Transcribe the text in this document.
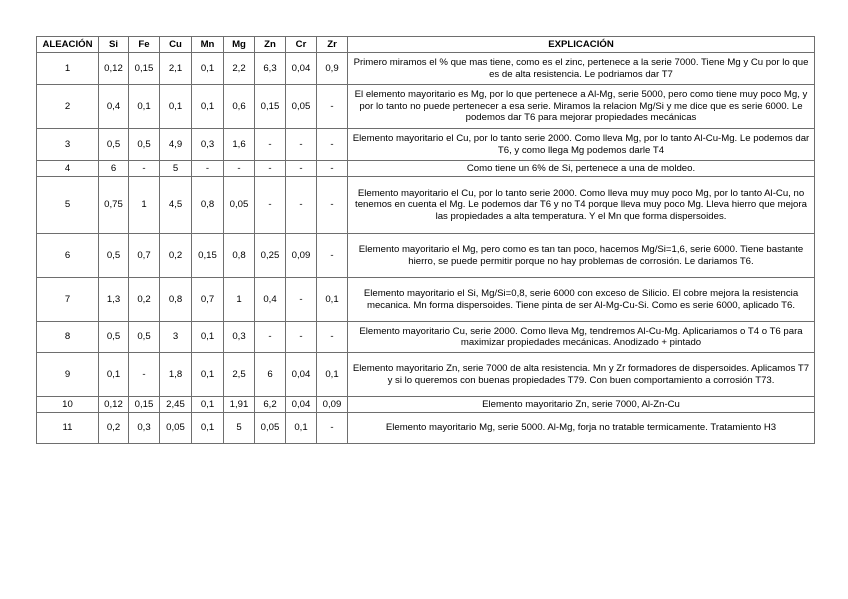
ALEACIÓN	Si	Fe	Cu	Mn	Mg	Zn	Cr	Zr	EXPLICACIÓN
1	0,12	0,15	2,1	0,1	2,2	6,3	0,04	0,9	Primero miramos el % que mas tiene, como es el zinc, pertenece a la serie 7000. Tiene Mg y Cu por lo que es de alta resistencia. Le podriamos dar T7
2	0,4	0,1	0,1	0,1	0,6	0,15	0,05	-	El elemento mayoritario es Mg, por lo que pertenece a Al-Mg, serie 5000, pero como tiene muy poco Mg, y por lo tanto no puede pertenecer a esa serie. Miramos la relacion Mg/Si y me dice que es serie 6000. Le podemos dar T6 para mejorar propiedades mecánicas
3	0,5	0,5	4,9	0,3	1,6	-	-	-	Elemento mayoritario el Cu, por lo tanto serie 2000. Como lleva Mg, por lo tanto Al-Cu-Mg. Le podemos dar T6, y como llega Mg podemos darle T4
4	6	-	5	-	-	-	-	-	Como tiene un 6% de Si, pertenece a una de moldeo.
5	0,75	1	4,5	0,8	0,05	-	-	-	Elemento mayoritario el Cu, por lo tanto serie 2000. Como lleva muy muy poco Mg, por lo tanto Al-Cu, no tenemos en cuenta el Mg. Le podemos dar T6 y no T4 porque lleva muy poco Mg. Lleva hierro que mejora las propiedades a alta temperatura. Y el Mn que forma dispersoides.
6	0,5	0,7	0,2	0,15	0,8	0,25	0,09	-	Elemento mayoritario el Mg, pero como es tan tan poco, hacemos Mg/Si=1,6, serie 6000. Tiene bastante hierro, se puede permitir porque no hay problemas de corrosión. Le dariamos T6.
7	1,3	0,2	0,8	0,7	1	0,4	-	0,1	Elemento mayoritario el Si, Mg/Si=0,8, serie 6000 con exceso de Silicio. El cobre mejora la resistencia mecanica. Mn forma dispersoides. Tiene pinta de ser Al-Mg-Cu-Si. Como es serie 6000, aplicado T6.
8	0,5	0,5	3	0,1	0,3	-	-	-	Elemento mayoritario Cu, serie 2000. Como lleva Mg, tendremos Al-Cu-Mg. Aplicariamos o T4 o T6 para maximizar propiedades mecánicas. Anodizado + pintado
9	0,1	-	1,8	0,1	2,5	6	0,04	0,1	Elemento mayoritario Zn, serie 7000 de alta resistencia. Mn y Zr formadores de dispersoides. Aplicamos T7 y si lo queremos con buenas propiedades T79. Con buen comportamiento a corrosión T73.
10	0,12	0,15	2,45	0,1	1,91	6,2	0,04	0,09	Elemento mayoritario Zn, serie 7000, Al-Zn-Cu
11	0,2	0,3	0,05	0,1	5	0,05	0,1	-	Elemento mayoritario Mg, serie 5000. Al-Mg, forja no tratable termicamente. Tratamiento H3
